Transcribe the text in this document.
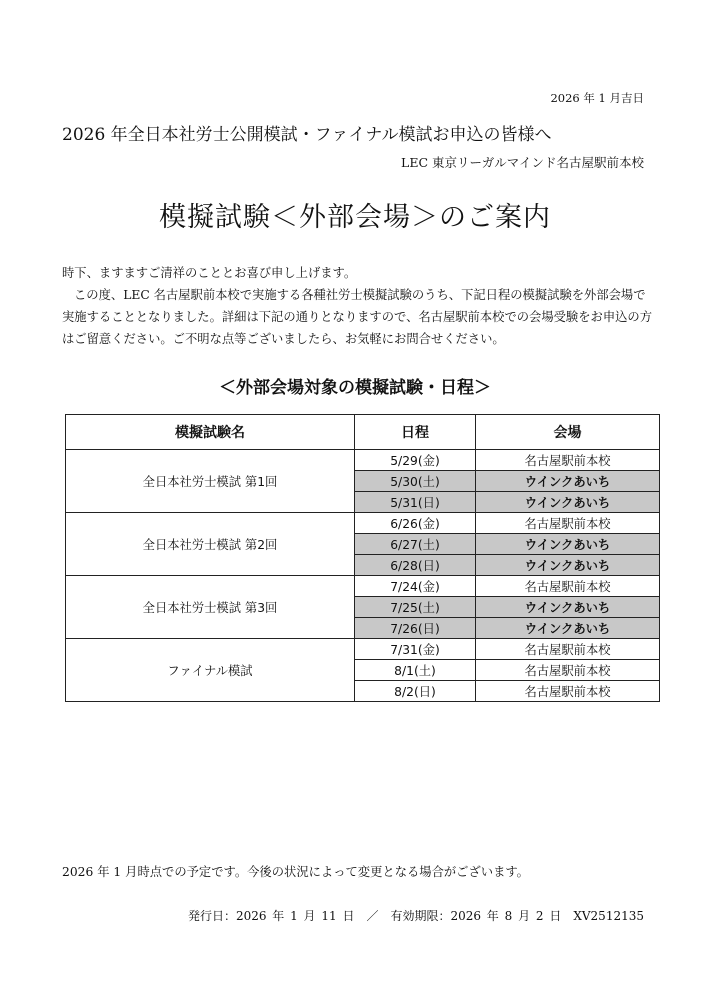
2026 年 1 月吉日
2026 年全日本社労士公開模試・ファイナル模試お申込の皆様へ
LEC 東京リーガルマインド名古屋駅前本校
模擬試験＜外部会場＞のご案内

時下、ますますご清祥のこととお喜び申し上げます。

この度、LEC 名古屋駅前本校で実施する各種社労士模擬試験のうち、下記日程の模擬試験を外部会場で実施することとなりました。詳細は下記の通りとなりますので、名古屋駅前本校での会場受験をお申込の方はご留意ください。ご不明な点等ございましたら、お気軽にお問合せください。

＜外部会場対象の模擬試験・日程＞
模擬試験名	日程	会場
全日本社労士模試 第1回	5/29(金)	名古屋駅前本校
	5/30(土)	ウインクあいち
	5/31(日)	ウインクあいち
全日本社労士模試 第2回	6/26(金)	名古屋駅前本校
	6/27(土)	ウインクあいち
	6/28(日)	ウインクあいち
全日本社労士模試 第3回	7/24(金)	名古屋駅前本校
	7/25(土)	ウインクあいち
	7/26(日)	ウインクあいち
ファイナル模試	7/31(金)	名古屋駅前本校
	8/1(土)	名古屋駅前本校
	8/2(日)	名古屋駅前本校
2026 年 1 月時点での予定です。今後の状況によって変更となる場合がございます。
発行日：2026 年 1 月 11 日　／　有効期限：2026 年 8 月 2 日　XV2512135
